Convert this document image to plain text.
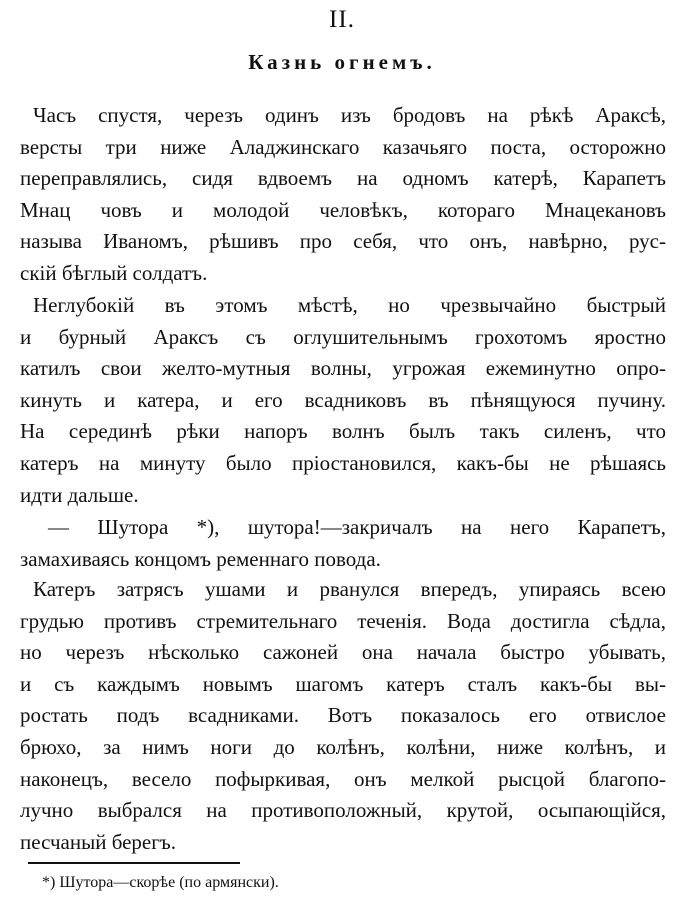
II.
Казнь огнемъ.
Часъ спустя, черезъ одинъ изъ бродовъ на рѣкѣ Араксѣ,
версты три ниже Аладжинскаго казачьяго поста, осторожно
переправлялись, сидя вдвоемъ на одномъ катерѣ, Карапетъ
Мнац човъ и молодой человѣкъ, котораго Мнацекановъ
называ Иваномъ, рѣшивъ про себя, что онъ, навѣрно, рус-
скій бѣглый солдатъ.
Неглубокій въ этомъ мѣстѣ, но чрезвычайно быстрый
и бурный Араксъ съ оглушительнымъ грохотомъ яростно
катилъ свои желто-мутныя волны, угрожая ежеминутно опро-
кинуть и катера, и его всадниковъ въ пѣнящуюся пучину.
На серединѣ рѣки напоръ волнъ былъ такъ силенъ, что
катеръ на минуту было пріостановился, какъ-бы не рѣшаясь
идти дальше.
— Шутора *), шутора!—закричалъ на него Карапетъ,
замахиваясь концомъ ременнаго повода.
Катеръ затрясъ ушами и рванулся впередъ, упираясь всею
грудью противъ стремительнаго теченія. Вода достигла сѣдла,
но черезъ нѣсколько сажоней она начала быстро убывать,
и съ каждымъ новымъ шагомъ катеръ сталъ какъ-бы вы-
ростать подъ всадниками. Вотъ показалось его отвислое
брюхо, за нимъ ноги до колѣнъ, колѣни, ниже колѣнъ, и
наконецъ, весело пофыркивая, онъ мелкой рысцой благопо-
лучно выбрался на противоположный, крутой, осыпающійся,
песчаный берегъ.
*) Шутора—скорѣе (по армянски).
